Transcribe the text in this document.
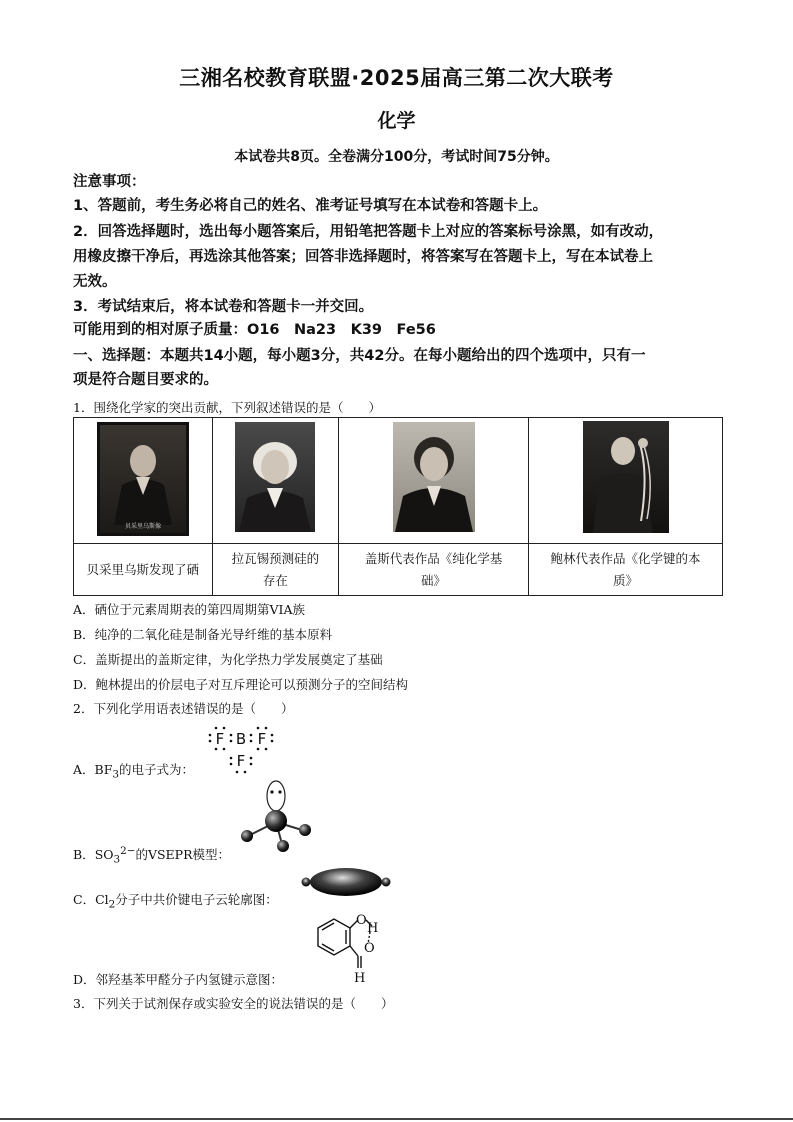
三湘名校教育联盟·2025届高三第二次大联考
化学
本试卷共8页。全卷满分100分，考试时间75分钟。
注意事项：
1、答题前，考生务必将自己的姓名、准考证号填写在本试卷和答题卡上。
2．回答选择题时，选出每小题答案后，用铅笔把答题卡上对应的答案标号涂黑，如有改动，
用橡皮擦干净后，再选涂其他答案；回答非选择题时，将答案写在答题卡上，写在本试卷上
无效。
3．考试结束后，将本试卷和答题卡一并交回。
可能用到的相对原子质量：O16　Na23　K39　Fe56
一、选择题：本题共14小题，每小题3分，共42分。在每小题给出的四个选项中，只有一
项是符合题目要求的。
1．围绕化学家的突出贡献，下列叙述错误的是（　　）
贝采里乌斯像

贝采里乌斯发现了硒	拉瓦锡预测硅的
存在	盖斯代表作品《纯化学基
础》	鲍林代表作品《化学键的本
质》
A．硒位于元素周期表的第四周期第VIA族
B．纯净的二氧化硅是制备光导纤维的基本原料
C．盖斯提出的盖斯定律，为化学热力学发展奠定了基础
D．鲍林提出的价层电子对互斥理论可以预测分子的空间结构
2．下列化学用语表述错误的是（　　）
A．$BF_3$的电子式为：
F B F
F
B．$SO_3^{2-}$的VSEPR模型：
C．$Cl_2$分子中共价键电子云轮廓图：
D．邻羟基苯甲醛分子内氢键示意图：
O
H
O
H
3．下列关于试剂保存或实验安全的说法错误的是（　　）
